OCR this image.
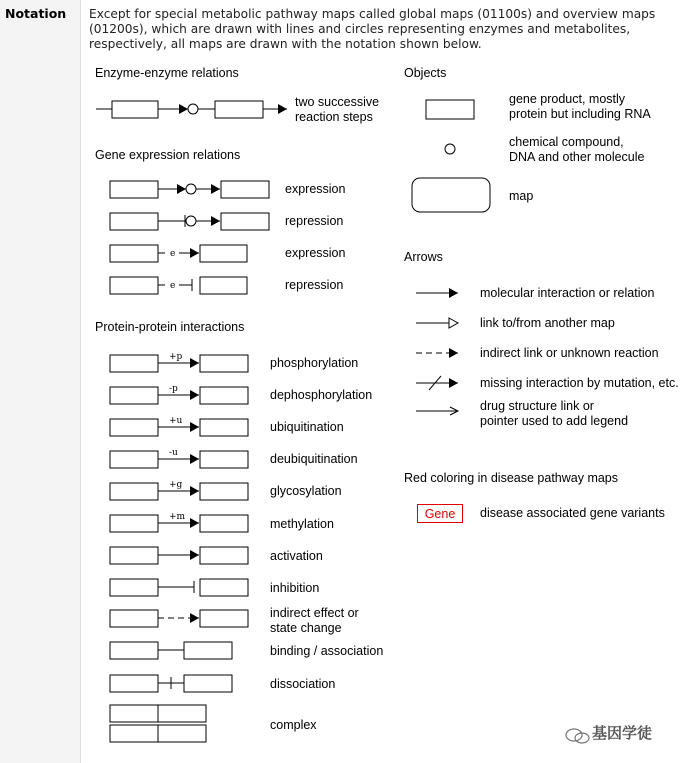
Notation Except for special metabolic pathway maps called global maps (01100s) and overview maps (01200s), which are drawn with lines and circles representing enzymes and metabolites, respectively, all maps are drawn with the notation shown below.
e
e
+p
-p
+u
-u
+g
+m
Enzyme-enzyme relations
two successive
reaction steps
Gene expression relations
expression
repression
expression
repression
Protein-protein interactions
phosphorylation
dephosphorylation
ubiquitination
deubiquitination
glycosylation
methylation
activation
inhibition
indirect effect or
state change
binding / association
dissociation
complex
Objects
gene product, mostly
protein but including RNA
chemical compound,
DNA and other molecule
map
Arrows
molecular interaction or relation
link to/from another map
indirect link or unknown reaction
missing interaction by mutation, etc.
drug structure link or
pointer used to add legend
Red coloring in disease pathway maps
Gene	disease associated gene variants
基因学徒
